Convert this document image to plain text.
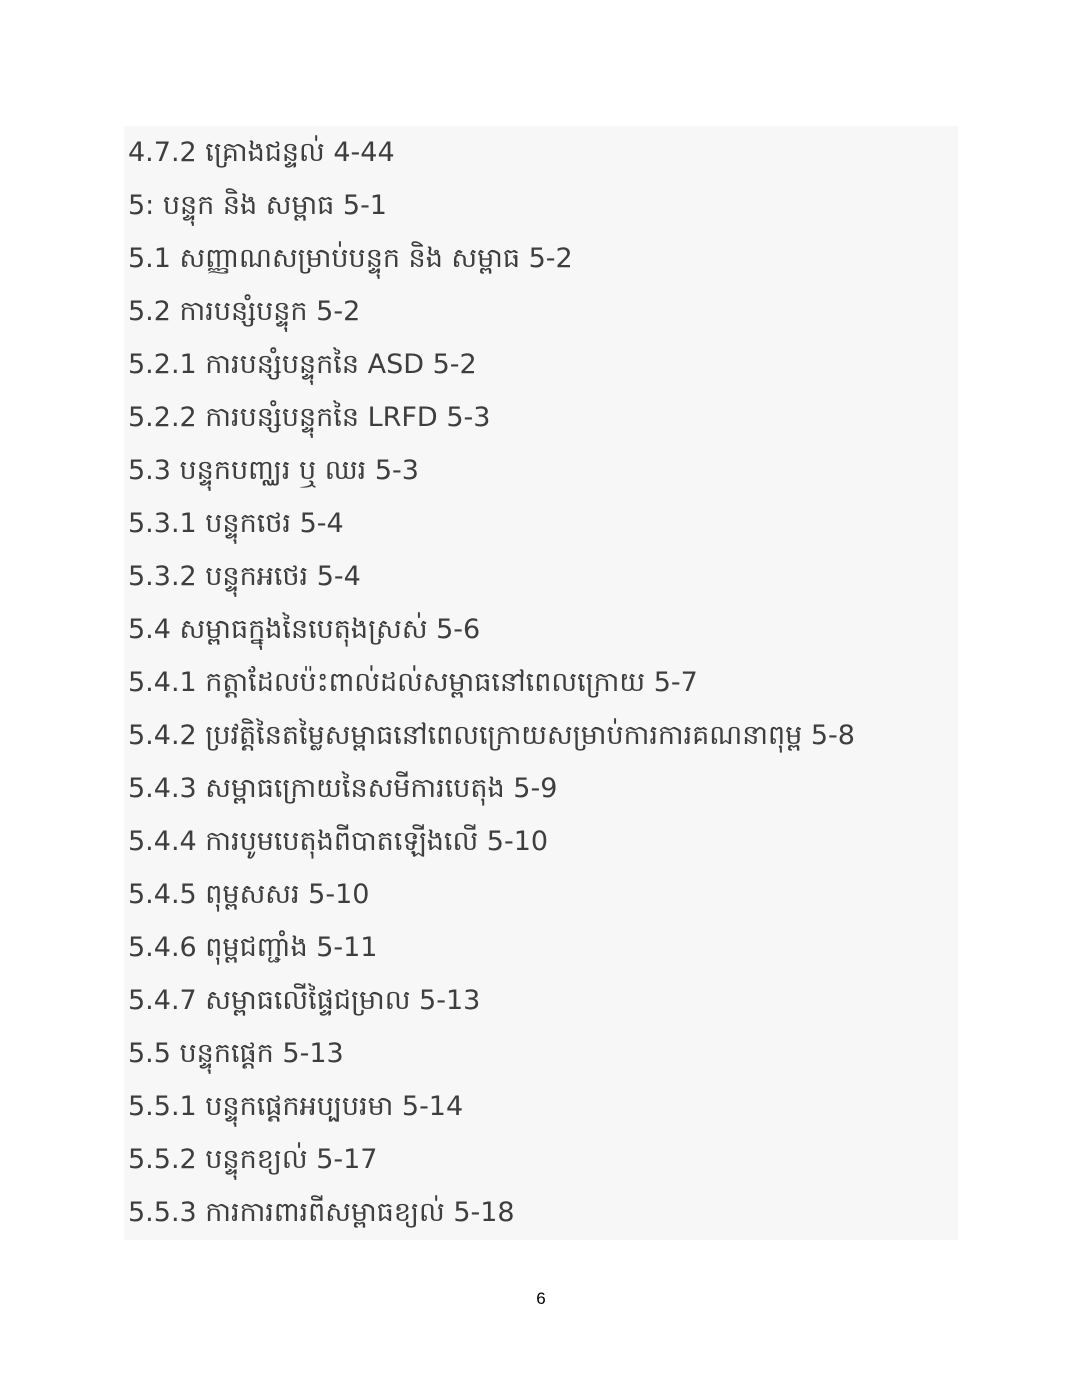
4.7.2 គ្រោងជន្ទល់ 4-44
5: បន្ទុក និង សម្ពាធ 5-1
5.1 សញ្ញាណសម្រាប់បន្ទុក និង សម្ពាធ 5-2
5.2 ការបន្សំបន្ទុក 5-2
5.2.1 ការបន្សំបន្ទុកនៃ ASD 5-2
5.2.2 ការបន្សំបន្ទុកនៃ LRFD 5-3
5.3 បន្ទុកបញ្ឈរ ឬ ឈរ 5-3
5.3.1 បន្ទុកថេរ 5-4
5.3.2 បន្ទុកអថេរ 5-4
5.4 សម្ពាធក្នុងនៃបេតុងស្រស់ 5-6
5.4.1 កត្តាដែលប៉ះពាល់ដល់សម្ពាធនៅពេលក្រោយ 5-7
5.4.2 ប្រវត្តិនៃតម្លៃសម្ពាធនៅពេលក្រោយសម្រាប់ការការគណនាពុម្ព 5-8
5.4.3 សម្ពាធក្រោយនៃសមីការបេតុង 5-9
5.4.4 ការបូមបេតុងពីបាតឡើងលើ 5-10
5.4.5 ពុម្ពសសរ 5-10
5.4.6 ពុម្ពជញ្ជាំង 5-11
5.4.7 សម្ពាធលើផ្ទៃជម្រាល 5-13
5.5 បន្ទុកផ្ដេក 5-13
5.5.1 បន្ទុកផ្ដេកអប្បបរមា 5-14
5.5.2 បន្ទុកខ្យល់ 5-17
5.5.3 ការការពារពីសម្ពាធខ្យល់ 5-18
6
